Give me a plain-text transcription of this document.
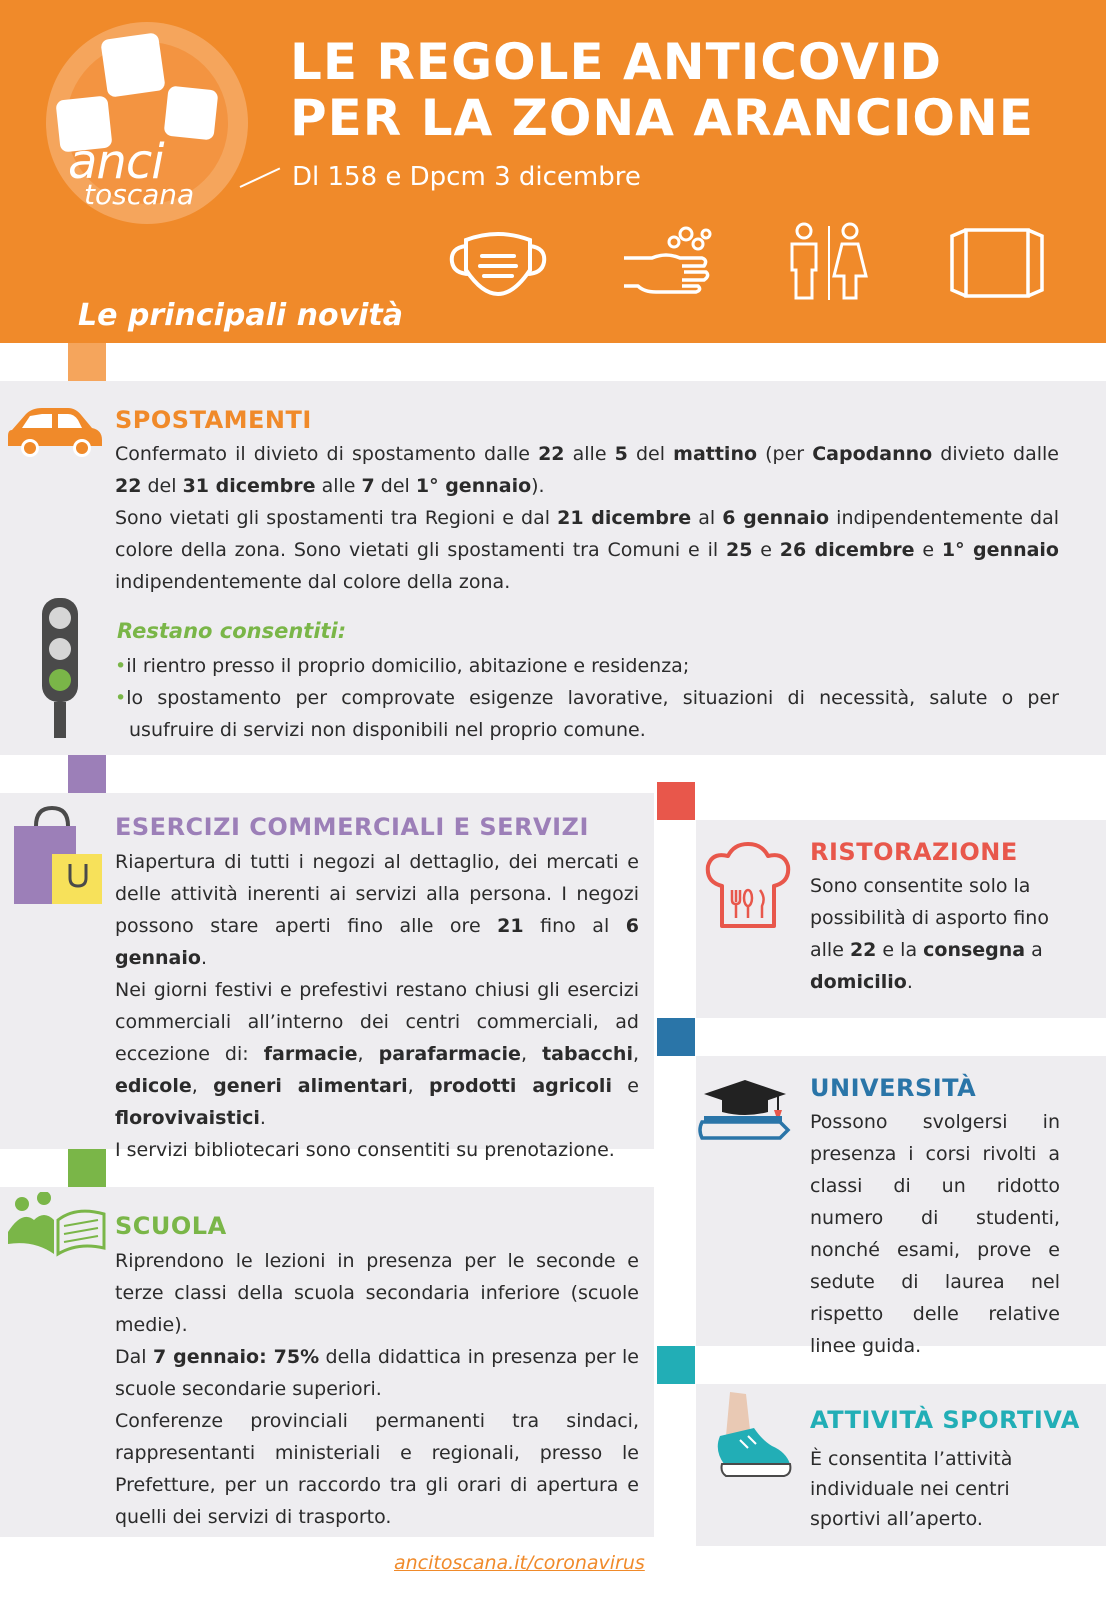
anci
toscana
LE REGOLE ANTICOVID
PER LA ZONA ARANCIONE
Dl 158 e Dpcm 3 dicembre
Le principali novità
SPOSTAMENTI

Confermato il divieto di spostamento dalle 22 alle 5 del mattino (per Capodanno divieto dalle 22 del 31 dicembre alle 7 del 1° gennaio).

Sono vietati gli spostamenti tra Regioni e dal 21 dicembre al 6 gennaio indipendentemente dal colore della zona. Sono vietati gli spostamenti tra Comuni e il 25 e 26 dicembre e 1° gennaio indipendentemente dal colore della zona.

Restano consentiti:

•il rientro presso il proprio domicilio, abitazione e residenza;

•lo spostamento per comprovate esigenze lavorative, situazioni di necessità, salute o per usufruire di servizi non disponibili nel proprio comune.

ESERCIZI COMMERCIALI E SERVIZI

Riapertura di tutti i negozi al dettaglio, dei mercati e delle attività inerenti ai servizi alla persona. I negozi possono stare aperti fino alle ore 21 fino al 6 gennaio.

Nei giorni festivi e prefestivi restano chiusi gli esercizi commerciali all’interno dei centri commerciali, ad eccezione di: farmacie, parafarmacie, tabacchi, edicole, generi alimentari, prodotti agricoli e florovivaistici.

I servizi bibliotecari sono consentiti su prenotazione.

SCUOLA

Riprendono le lezioni in presenza per le seconde e terze classi della scuola secondaria inferiore (scuole medie).

Dal 7 gennaio: 75% della didattica in presenza per le scuole secondarie superiori.

Conferenze provinciali permanenti tra sindaci, rappresentanti ministeriali e regionali, presso le Prefetture, per un raccordo tra gli orari di apertura e quelli dei servizi di trasporto.

RISTORAZIONE

Sono consentite solo la possibilità di asporto fino alle 22 e la consegna a domicilio.

UNIVERSITÀ

Possono svolgersi in presenza i corsi rivolti a classi di un ridotto numero di studenti, nonché esami, prove e sedute di laurea nel rispetto delle relative linee guida.

ATTIVITÀ SPORTIVA

È consentita l’attività individuale nei centri sportivi all’aperto.

ancitoscana.it/coronavirus
